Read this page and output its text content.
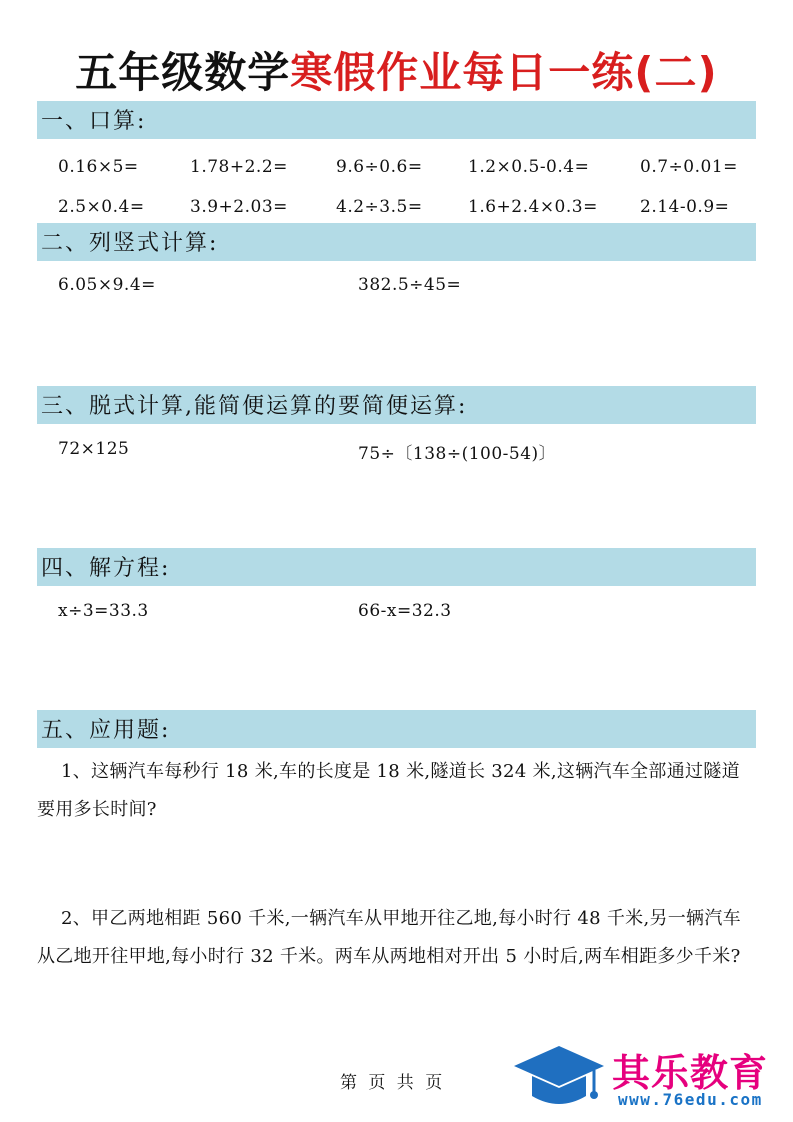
五年级数学寒假作业每日一练(二)
一、口算:
0.16×5=	1.78+2.2=	9.6÷0.6=	1.2×0.5-0.4=	0.7÷0.01=
2.5×0.4=	3.9+2.03=	4.2÷3.5=	1.6+2.4×0.3= 2.14-0.9=
二、列竖式计算:
6.05×9.4=	382.5÷45=
三、脱式计算,能简便运算的要简便运算:
72×125	75÷〔138÷(100-54)〕
四、解方程:
x÷3=33.3	66-x=32.3
五、应用题:
1、这辆汽车每秒行 18 米,车的长度是 18 米,隧道长 324 米,这辆汽车全部通过隧道要用多长时间?
2、甲乙两地相距 560 千米,一辆汽车从甲地开往乙地,每小时行 48 千米,另一辆汽车从乙地开往甲地,每小时行 32 千米。两车从两地相对开出 5 小时后,两车相距多少千米?
第 页 共 页	其乐教育
www.76edu.com
